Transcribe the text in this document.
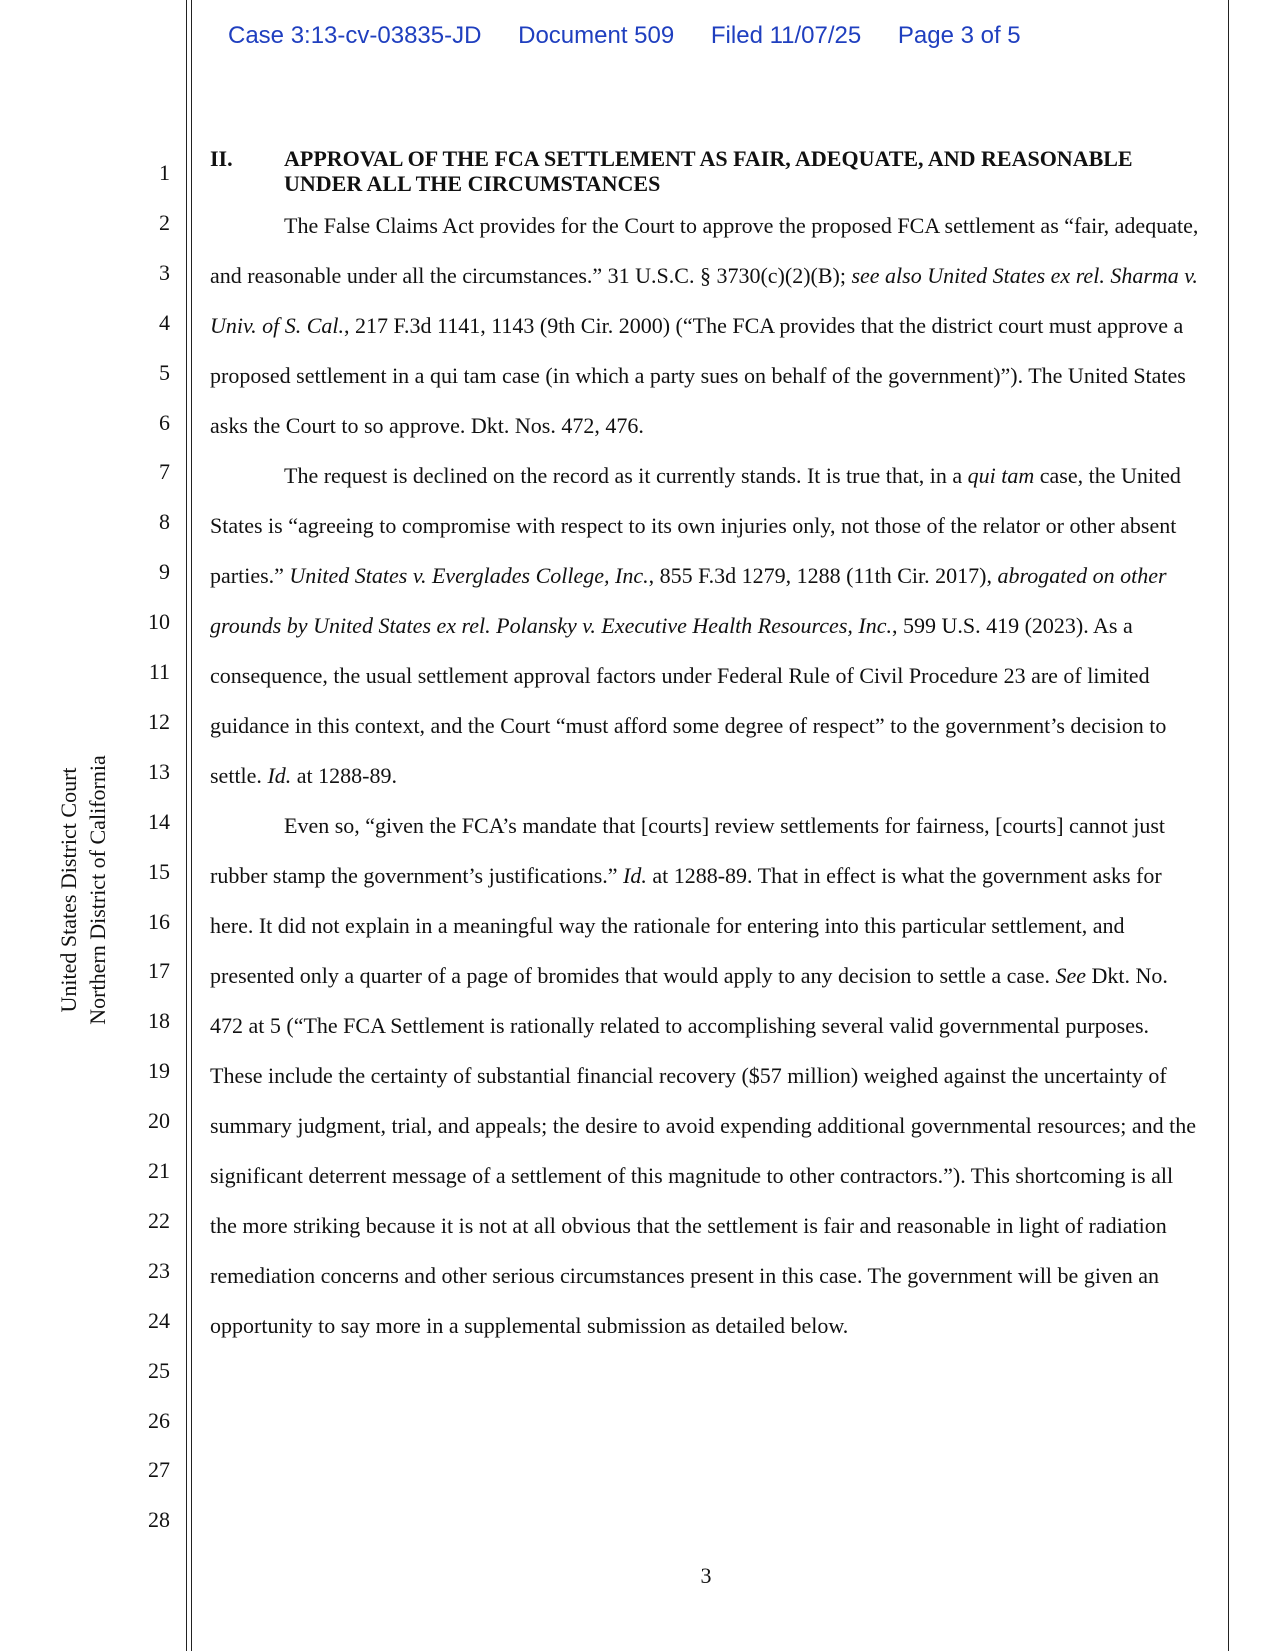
Case 3:13-cv-03835-JD Document 509 Filed 11/07/25 Page 3 of 5
1
2
3
4
5
6
7
8
9
10
11
12
13
14
15
16
17
18
19
20
21
22
23
24
25
26
27
28
United States District Court Northern District of California
II.	APPROVAL OF THE FCA SETTLEMENT AS FAIR, ADEQUATE, AND REASONABLE UNDER ALL THE CIRCUMSTANCES

The False Claims Act provides for the Court to approve the proposed FCA settlement as “fair, adequate, and reasonable under all the circumstances.” 31 U.S.C. § 3730(c)(2)(B); see also United States ex rel. Sharma v. Univ. of S. Cal., 217 F.3d 1141, 1143 (9th Cir. 2000) (“The FCA provides that the district court must approve a proposed settlement in a qui tam case (in which a party sues on behalf of the government)”). The United States asks the Court to so approve. Dkt. Nos. 472, 476.

The request is declined on the record as it currently stands. It is true that, in a qui tam case, the United States is “agreeing to compromise with respect to its own injuries only, not those of the relator or other absent parties.” United States v. Everglades College, Inc., 855 F.3d 1279, 1288 (11th Cir. 2017), abrogated on other grounds by United States ex rel. Polansky v. Executive Health Resources, Inc., 599 U.S. 419 (2023). As a consequence, the usual settlement approval factors under Federal Rule of Civil Procedure 23 are of limited guidance in this context, and the Court “must afford some degree of respect” to the government’s decision to settle. Id. at 1288-89.

Even so, “given the FCA’s mandate that [courts] review settlements for fairness, [courts] cannot just rubber stamp the government’s justifications.” Id. at 1288-89. That in effect is what the government asks for here. It did not explain in a meaningful way the rationale for entering into this particular settlement, and presented only a quarter of a page of bromides that would apply to any decision to settle a case. See Dkt. No. 472 at 5 (“The FCA Settlement is rationally related to accomplishing several valid governmental purposes. These include the certainty of substantial financial recovery ($57 million) weighed against the uncertainty of summary judgment, trial, and appeals; the desire to avoid expending additional governmental resources; and the significant deterrent message of a settlement of this magnitude to other contractors.”). This shortcoming is all the more striking because it is not at all obvious that the settlement is fair and reasonable in light of radiation remediation concerns and other serious circumstances present in this case. The government will be given an opportunity to say more in a supplemental submission as detailed below.

3
